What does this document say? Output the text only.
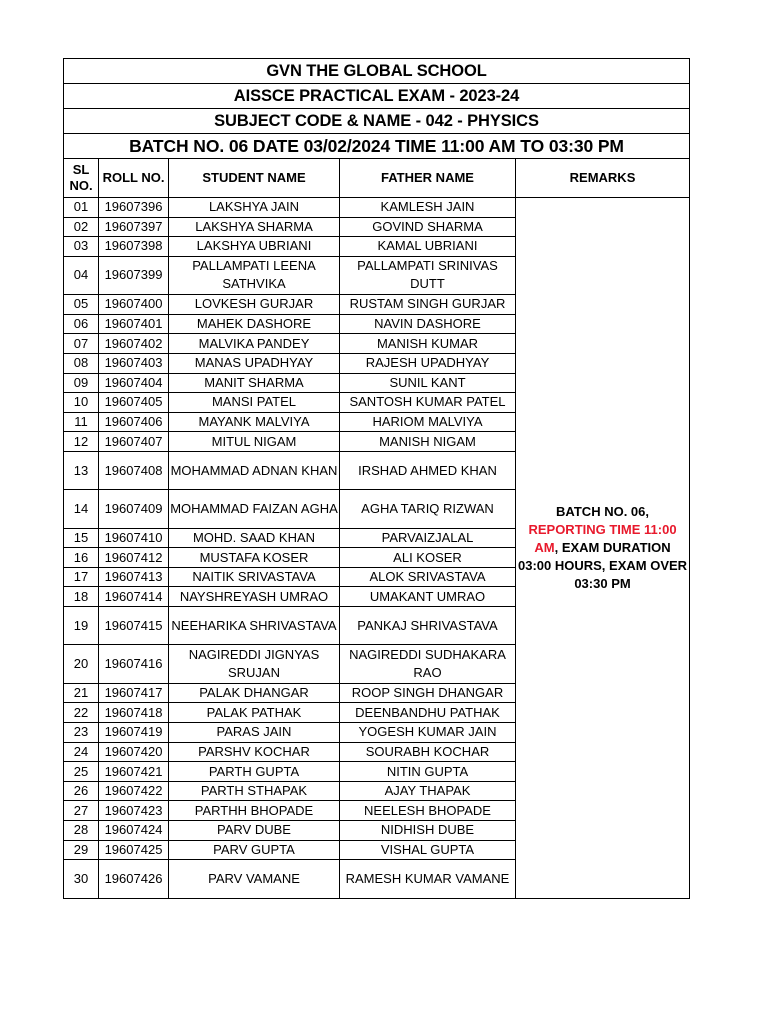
GVN THE GLOBAL SCHOOL				
AISSCE PRACTICAL EXAM - 2023-24				
SUBJECT CODE & NAME - 042 - PHYSICS				
BATCH NO. 06 DATE 03/02/2024 TIME 11:00 AM TO 03:30 PM				
SL NO.	ROLL NO.	STUDENT NAME	FATHER NAME	REMARKS
01	19607396	LAKSHYA JAIN	KAMLESH JAIN	BATCH NO. 06,
REPORTING TIME 11:00 AM, EXAM DURATION 03:00 HOURS, EXAM OVER 03:30 PM
02	19607397	LAKSHYA SHARMA	GOVIND SHARMA	
03	19607398	LAKSHYA UBRIANI	KAMAL UBRIANI	
04	19607399	PALLAMPATI LEENA SATHVIKA	PALLAMPATI SRINIVAS DUTT	
05	19607400	LOVKESH GURJAR	RUSTAM SINGH GURJAR	
06	19607401	MAHEK DASHORE	NAVIN DASHORE	
07	19607402	MALVIKA PANDEY	MANISH KUMAR	
08	19607403	MANAS UPADHYAY	RAJESH UPADHYAY	
09	19607404	MANIT SHARMA	SUNIL KANT	
10	19607405	MANSI PATEL	SANTOSH KUMAR PATEL	
11	19607406	MAYANK MALVIYA	HARIOM MALVIYA	
12	19607407	MITUL NIGAM	MANISH NIGAM	
13	19607408	MOHAMMAD ADNAN KHAN	IRSHAD AHMED KHAN	
14	19607409	MOHAMMAD FAIZAN AGHA	AGHA TARIQ RIZWAN	
15	19607410	MOHD. SAAD KHAN	PARVAIZJALAL	
16	19607412	MUSTAFA KOSER	ALI KOSER	
17	19607413	NAITIK SRIVASTAVA	ALOK SRIVASTAVA	
18	19607414	NAYSHREYASH UMRAO	UMAKANT UMRAO	
19	19607415	NEEHARIKA SHRIVASTAVA	PANKAJ SHRIVASTAVA	
20	19607416	NAGIREDDI JIGNYAS SRUJAN	NAGIREDDI SUDHAKARA RAO	
21	19607417	PALAK DHANGAR	ROOP SINGH DHANGAR	
22	19607418	PALAK PATHAK	DEENBANDHU PATHAK	
23	19607419	PARAS JAIN	YOGESH KUMAR JAIN	
24	19607420	PARSHV KOCHAR	SOURABH KOCHAR	
25	19607421	PARTH GUPTA	NITIN GUPTA	
26	19607422	PARTH STHAPAK	AJAY THAPAK	
27	19607423	PARTHH BHOPADE	NEELESH BHOPADE	
28	19607424	PARV DUBE	NIDHISH DUBE	
29	19607425	PARV GUPTA	VISHAL GUPTA	
30	19607426	PARV VAMANE	RAMESH KUMAR VAMANE	
